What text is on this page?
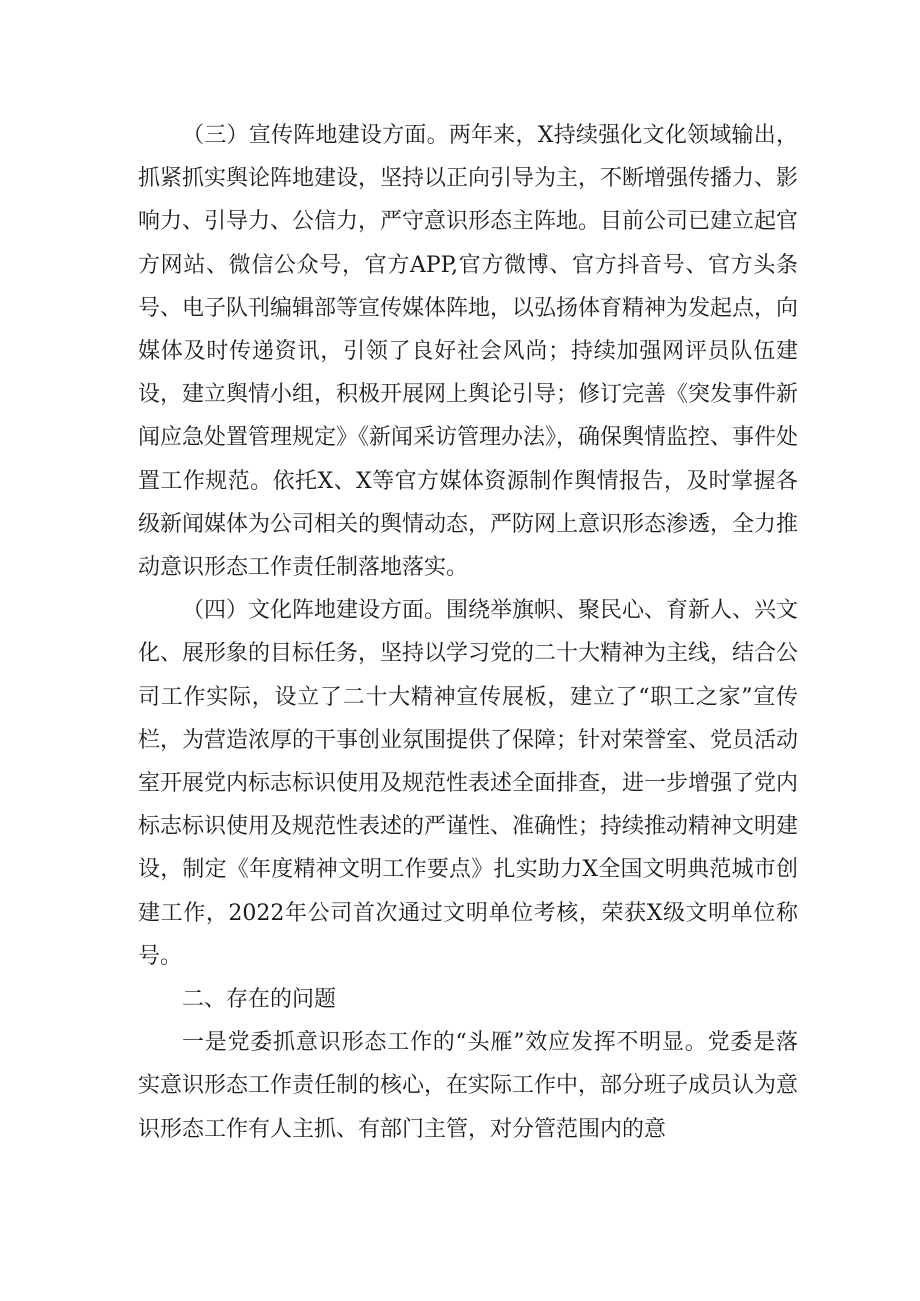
（三）宣传阵地建设方面。两年来，X持续强化文化领域输出，抓紧抓实舆论阵地建设，坚持以正向引导为主，不断增强传播力、影响力、引导力、公信力，严守意识形态主阵地。目前公司已建立起官方网站、微信公众号，官方APP,官方微博、官方抖音号、官方头条号、电子队刊编辑部等宣传媒体阵地，以弘扬体育精神为发起点，向媒体及时传递资讯，引领了良好社会风尚；持续加强网评员队伍建设，建立舆情小组，积极开展网上舆论引导；修订完善《突发事件新闻应急处置管理规定》《新闻采访管理办法》，确保舆情监控、事件处置工作规范。依托X、X等官方媒体资源制作舆情报告，及时掌握各级新闻媒体为公司相关的舆情动态，严防网上意识形态渗透，全力推动意识形态工作责任制落地落实。

（四）文化阵地建设方面。围绕举旗帜、聚民心、育新人、兴文化、展形象的目标任务，坚持以学习党的二十大精神为主线，结合公司工作实际，设立了二十大精神宣传展板，建立了“职工之家”宣传栏，为营造浓厚的干事创业氛围提供了保障；针对荣誉室、党员活动室开展党内标志标识使用及规范性表述全面排查，进一步增强了党内标志标识使用及规范性表述的严谨性、准确性；持续推动精神文明建设，制定《年度精神文明工作要点》扎实助力X全国文明典范城市创建工作，2022年公司首次通过文明单位考核，荣获X级文明单位称号。

二、存在的问题

一是党委抓意识形态工作的“头雁”效应发挥不明显。党委是落实意识形态工作责任制的核心，在实际工作中，部分班子成员认为意识形态工作有人主抓、有部门主管，对分管范围内的意
